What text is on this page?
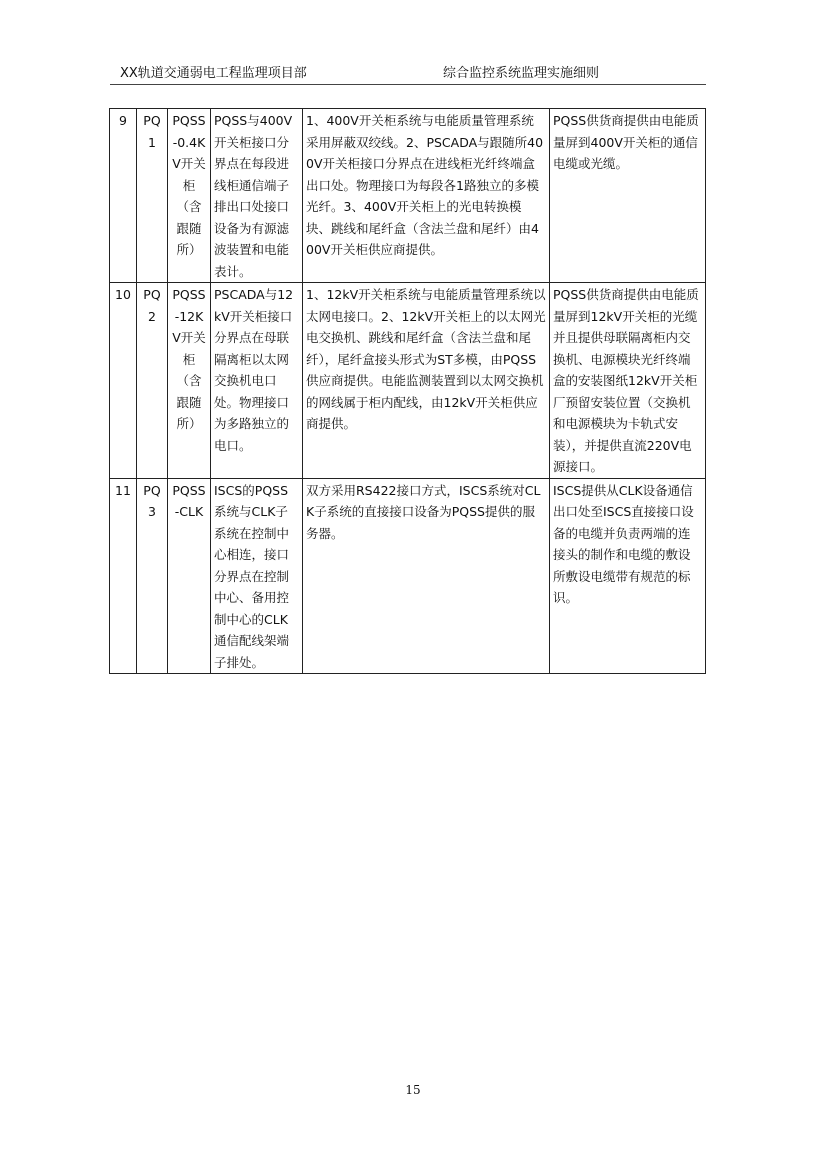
XX轨道交通弱电工程监理项目部	综合监控系统监理实施细则
9	PQ1	PQSS-0.4KV开关柜（含跟随所）	PQSS与400V开关柜接口分界点在每段进线柜通信端子排出口处接口设备为有源滤波装置和电能表计。	1、400V开关柜系统与电能质量管理系统采用屏蔽双绞线。2、PSCADA与跟随所400V开关柜接口分界点在进线柜光纤终端盒出口处。物理接口为每段各1路独立的多模光纤。3、400V开关柜上的光电转换模块、跳线和尾纤盒（含法兰盘和尾纤）由400V开关柜供应商提供。	PQSS供货商提供由电能质量屏到400V开关柜的通信电缆或光缆。
10	PQ2	PQSS-12KV开关柜（含跟随所）	PSCADA与12kV开关柜接口分界点在母联隔离柜以太网交换机电口处。物理接口为多路独立的电口。	1、12kV开关柜系统与电能质量管理系统以太网电接口。2、12kV开关柜上的以太网光电交换机、跳线和尾纤盒（含法兰盘和尾纤），尾纤盒接头形式为ST多模，由PQSS供应商提供。电能监测装置到以太网交换机的网线属于柜内配线，由12kV开关柜供应商提供。	PQSS供货商提供由电能质量屏到12kV开关柜的光缆并且提供母联隔离柜内交换机、电源模块光纤终端盒的安装图纸12kV开关柜厂预留安装位置（交换机和电源模块为卡轨式安装），并提供直流220V电源接口。
11	PQ3	PQSS-CLK	ISCS的PQSS系统与CLK子系统在控制中心相连，接口分界点在控制中心、备用控制中心的CLK通信配线架端子排处。	双方采用RS422接口方式，ISCS系统对CLK子系统的直接接口设备为PQSS提供的服务器。	ISCS提供从CLK设备通信出口处至ISCS直接接口设备的电缆并负责两端的连接头的制作和电缆的敷设所敷设电缆带有规范的标识。
15
